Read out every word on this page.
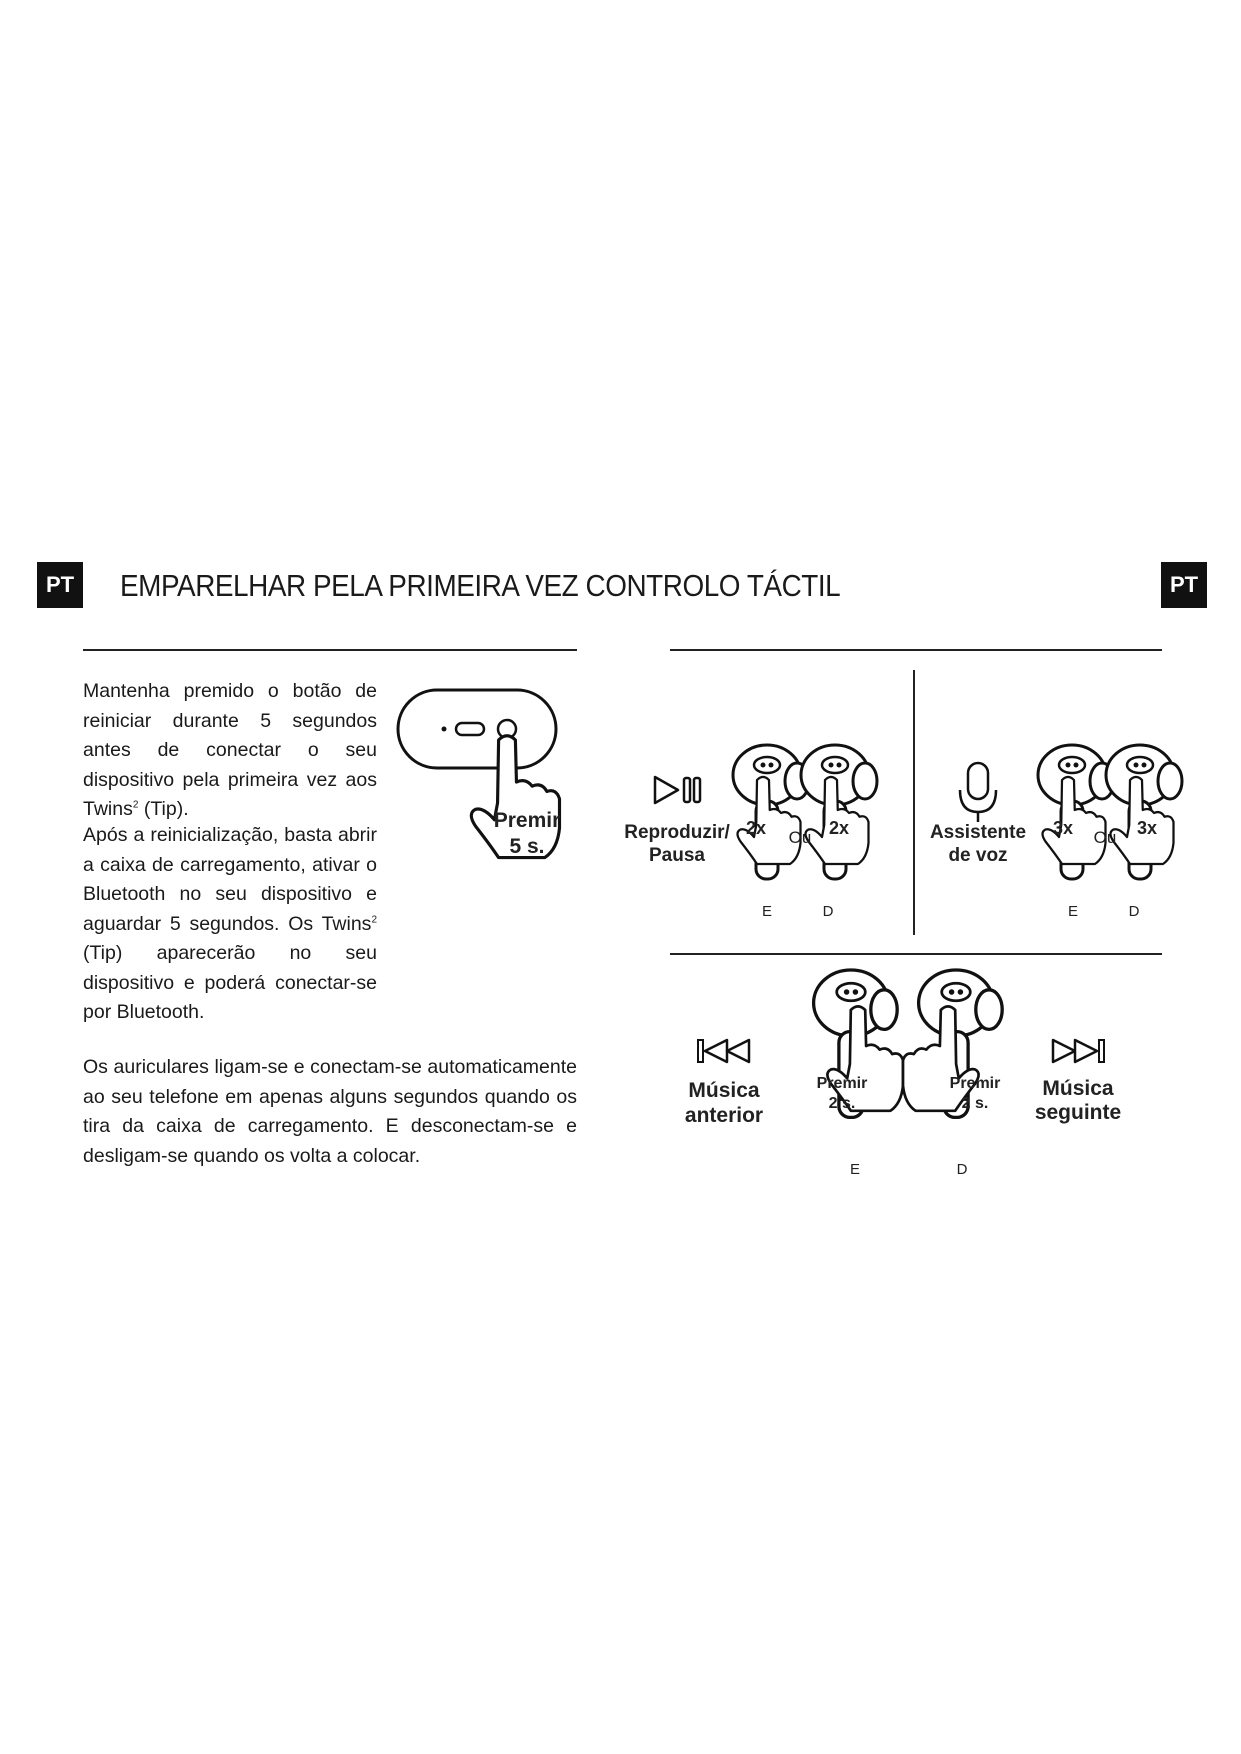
PT	PT
EMPARELHAR PELA PRIMEIRA VEZ CONTROLO TÁCTIL

Mantenha premido o botão de reiniciar durante 5 segundos antes de conectar o seu dispositivo pela primeira vez aos Twins$^2$ (Tip).

Após a reinicialização, basta abrir a caixa de carregamento, ativar o Bluetooth no seu dispositivo e aguardar 5 segundos. Os Twins$^2$ (Tip) aparecerão no seu dispositivo e poderá conectar-se por Bluetooth.

Os auriculares ligam-se e conectam-se automaticamente ao seu telefone em apenas alguns segundos quando os tira da caixa de carregamento. E desconectam-se e desligam-se quando os volta a colocar.

Premir
5 s.
Reproduzir/
Pausa
2x	2x
Ou
E	D
Assistente
de voz
3x	3x
Ou
E	D
Música
anterior
Premir
2 s.
E
Premir
2 s.
D
Música
seguinte
